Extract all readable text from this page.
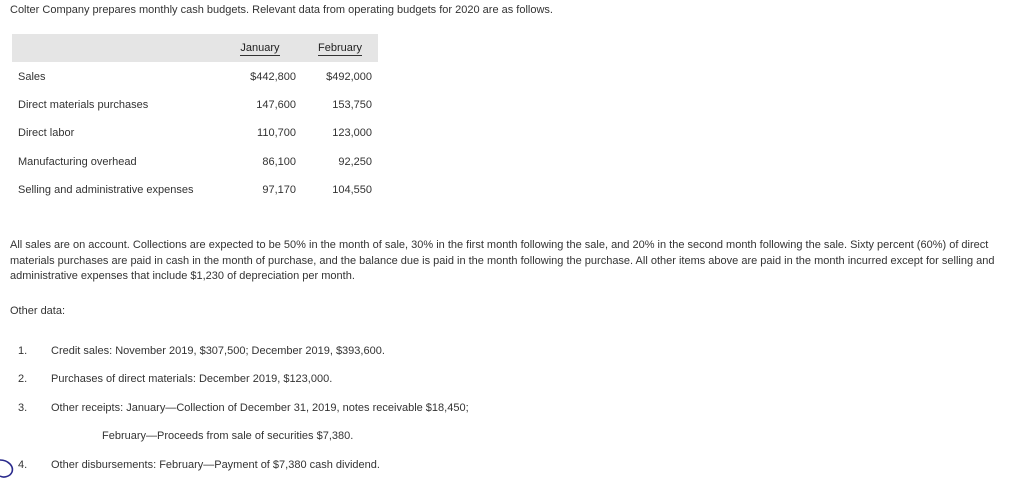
Colter Company prepares monthly cash budgets. Relevant data from operating budgets for 2020 are as follows.
	January	February
Sales	$442,800	$492,000
Direct materials purchases	147,600	153,750
Direct labor	110,700	123,000
Manufacturing overhead	86,100	92,250
Selling and administrative expenses	97,170	104,550
All sales are on account. Collections are expected to be 50% in the month of sale, 30% in the first month following the sale, and 20% in the second month following the sale. Sixty percent (60%) of direct materials purchases are paid in cash in the month of purchase, and the balance due is paid in the month following the purchase. All other items above are paid in the month incurred except for selling and administrative expenses that include $1,230 of depreciation per month.
Other data:
1. Credit sales: November 2019, $307,500; December 2019, $393,600.
2. Purchases of direct materials: December 2019, $123,000.
3. Other receipts: January—Collection of December 31, 2019, notes receivable $18,450;
February—Proceeds from sale of securities $7,380.
4. Other disbursements: February—Payment of $7,380 cash dividend.
